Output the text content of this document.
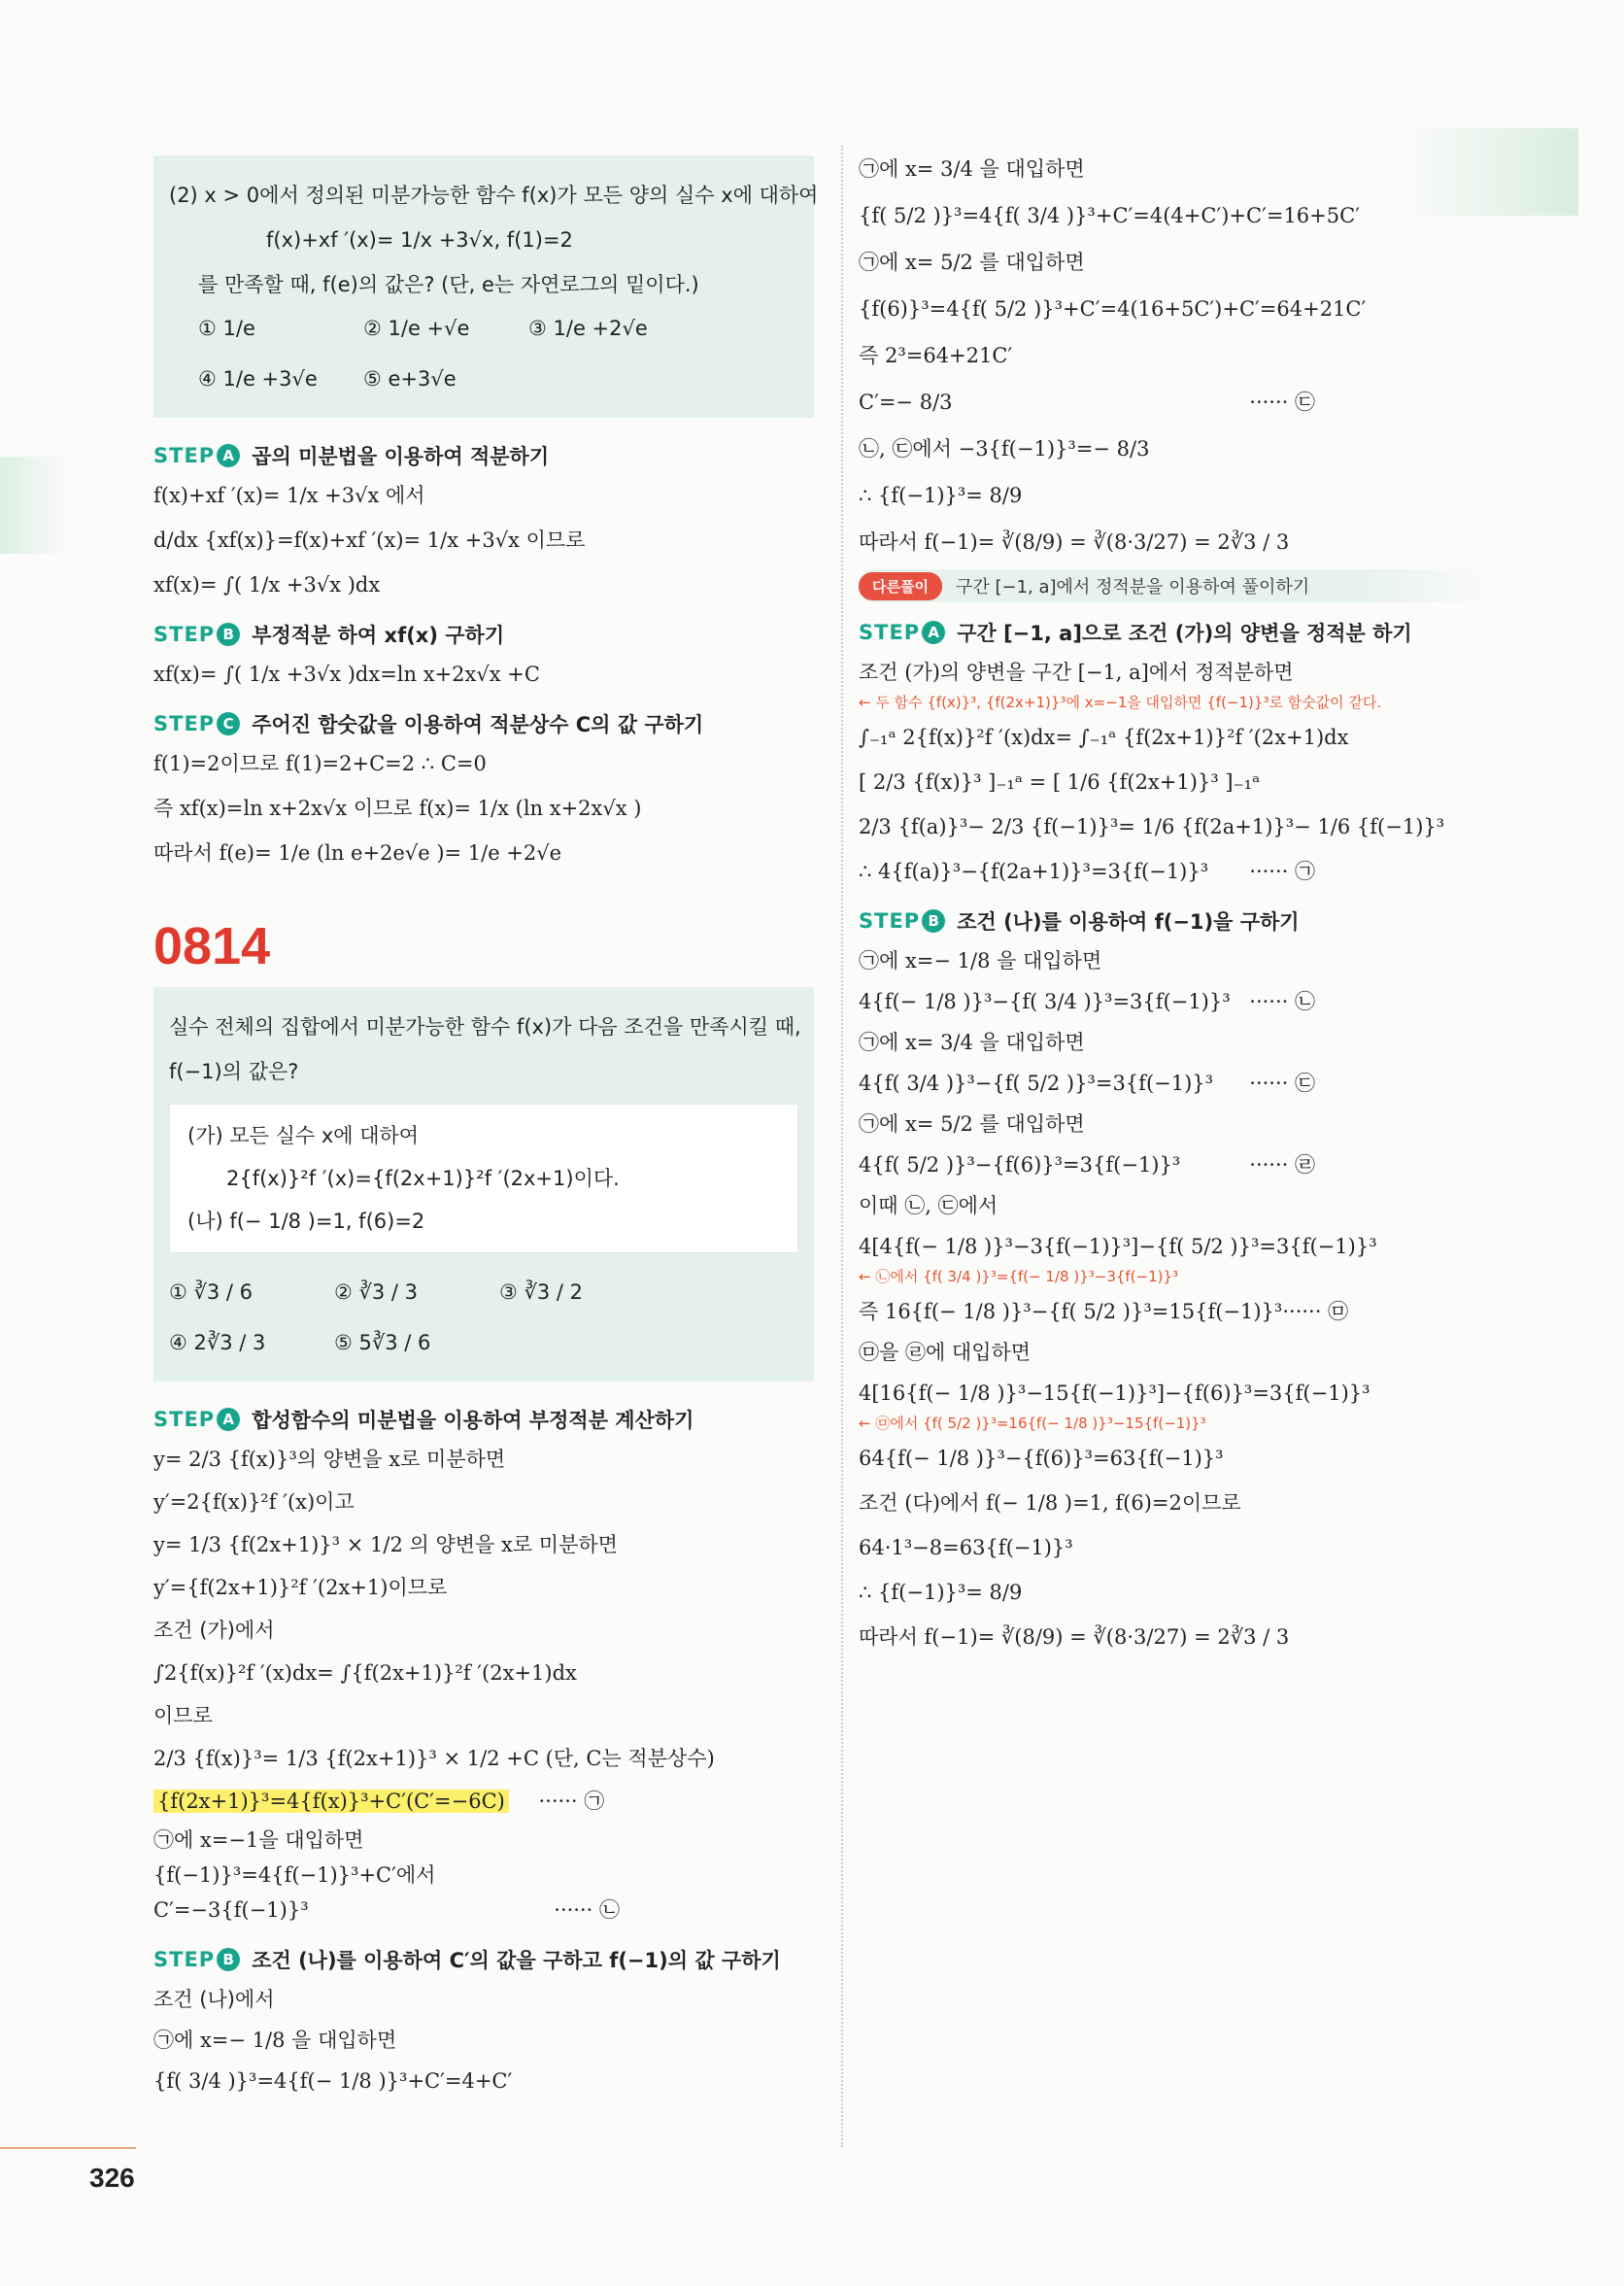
(2) x > 0에서 정의된 미분가능한 함수 f(x)가 모든 양의 실수 x에 대하여

f(x)+xf ′(x)= 1/x +3√x, f(1)=2

를 만족할 때, f(e)의 값은? (단, e는 자연로그의 밑이다.)

① 1/e	② 1/e +√e	③ 1/e +2√e
④ 1/e +3√e	⑤ e+3√e
STEP A 곱의 미분법을 이용하여 적분하기

f(x)+xf ′(x)= 1/x +3√x 에서

d/dx {xf(x)}=f(x)+xf ′(x)= 1/x +3√x 이므로

xf(x)= ∫( 1/x +3√x )dx

STEP B 부정적분 하여 xf(x) 구하기

xf(x)= ∫( 1/x +3√x )dx=ln x+2x√x +C

STEP C 주어진 함숫값을 이용하여 적분상수 C의 값 구하기

f(1)=2이므로 f(1)=2+C=2 ∴ C=0

즉 xf(x)=ln x+2x√x 이므로 f(x)= 1/x (ln x+2x√x )

따라서 f(e)= 1/e (ln e+2e√e )= 1/e +2√e

0814

실수 전체의 집합에서 미분가능한 함수 f(x)가 다음 조건을 만족시킬 때,

f(−1)의 값은?

(가) 모든 실수 x에 대하여

2{f(x)}²f ′(x)={f(2x+1)}²f ′(2x+1)이다.

(나) f(− 1/8 )=1, f(6)=2

① ∛3 / 6	② ∛3 / 3	③ ∛3 / 2
④ 2∛3 / 3	⑤ 5∛3 / 6
STEP A 합성함수의 미분법을 이용하여 부정적분 계산하기

y= 2/3 {f(x)}³의 양변을 x로 미분하면

y′=2{f(x)}²f ′(x)이고

y= 1/3 {f(2x+1)}³ × 1/2 의 양변을 x로 미분하면

y′={f(2x+1)}²f ′(2x+1)이므로

조건 (가)에서

∫2{f(x)}²f ′(x)dx= ∫{f(2x+1)}²f ′(2x+1)dx

이므로

2/3 {f(x)}³= 1/3 {f(2x+1)}³ × 1/2 +C (단, C는 적분상수)

{f(2x+1)}³=4{f(x)}³+C′(C′=−6C) ······ ㉠

㉠에 x=−1을 대입하면

{f(−1)}³=4{f(−1)}³+C′에서

C′=−3{f(−1)}³	······ ㉡

STEP B 조건 (나)를 이용하여 C′의 값을 구하고 f(−1)의 값 구하기

조건 (나)에서

㉠에 x=− 1/8 을 대입하면

{f( 3/4 )}³=4{f(− 1/8 )}³+C′=4+C′

㉠에 x= 3/4 을 대입하면

{f( 5/2 )}³=4{f( 3/4 )}³+C′=4(4+C′)+C′=16+5C′

㉠에 x= 5/2 를 대입하면

{f(6)}³=4{f( 5/2 )}³+C′=4(16+5C′)+C′=64+21C′

즉 2³=64+21C′

C′=− 8/3	······ ㉢

㉡, ㉢에서 −3{f(−1)}³=− 8/3

∴ {f(−1)}³= 8/9

따라서 f(−1)= ∛(8/9) = ∛(8·3/27) = 2∛3 / 3

다른풀이	구간 [−1, a]에서 정적분을 이용하여 풀이하기
STEP A 구간 [−1, a]으로 조건 (가)의 양변을 정적분 하기

조건 (가)의 양변을 구간 [−1, a]에서 정적분하면

← 두 함수 {f(x)}³, {f(2x+1)}³에 x=−1을 대입하면 {f(−1)}³로 함숫값이 같다.

∫₋₁ᵃ 2{f(x)}²f ′(x)dx= ∫₋₁ᵃ {f(2x+1)}²f ′(2x+1)dx

[ 2/3 {f(x)}³ ]₋₁ᵃ = [ 1/6 {f(2x+1)}³ ]₋₁ᵃ

2/3 {f(a)}³− 2/3 {f(−1)}³= 1/6 {f(2a+1)}³− 1/6 {f(−1)}³

∴ 4{f(a)}³−{f(2a+1)}³=3{f(−1)}³ ······ ㉠

STEP B 조건 (나)를 이용하여 f(−1)을 구하기

㉠에 x=− 1/8 을 대입하면

4{f(− 1/8 )}³−{f( 3/4 )}³=3{f(−1)}³ ······ ㉡

㉠에 x= 3/4 을 대입하면

4{f( 3/4 )}³−{f( 5/2 )}³=3{f(−1)}³ ······ ㉢

㉠에 x= 5/2 를 대입하면

4{f( 5/2 )}³−{f(6)}³=3{f(−1)}³	······ ㉣

이때 ㉡, ㉢에서

4[4{f(− 1/8 )}³−3{f(−1)}³]−{f( 5/2 )}³=3{f(−1)}³

← ㉡에서 {f( 3/4 )}³={f(− 1/8 )}³−3{f(−1)}³

즉 16{f(− 1/8 )}³−{f( 5/2 )}³=15{f(−1)}³ ······ ㉤

㉤을 ㉣에 대입하면

4[16{f(− 1/8 )}³−15{f(−1)}³]−{f(6)}³=3{f(−1)}³

← ㉤에서 {f( 5/2 )}³=16{f(− 1/8 )}³−15{f(−1)}³

64{f(− 1/8 )}³−{f(6)}³=63{f(−1)}³

조건 (다)에서 f(− 1/8 )=1, f(6)=2이므로

64·1³−8=63{f(−1)}³

∴ {f(−1)}³= 8/9

따라서 f(−1)= ∛(8/9) = ∛(8·3/27) = 2∛3 / 3

326
